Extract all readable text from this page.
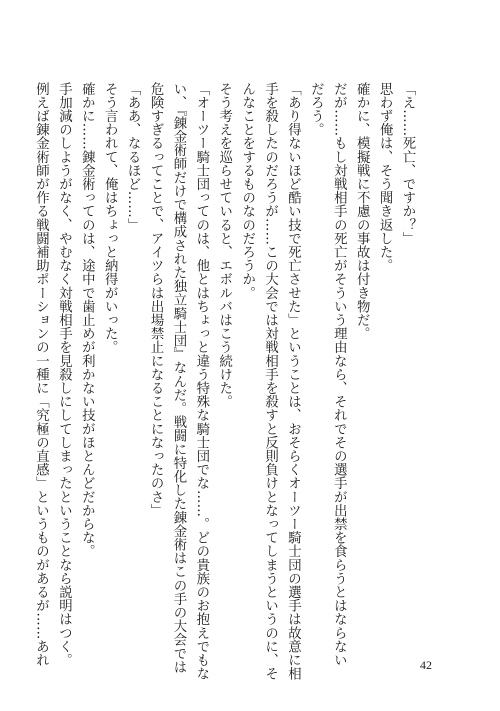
「え……死亡、ですか？」
思わず俺は、そう聞き返した。
確かに、模擬戦に不慮の事故は付き物だ。
だが……もし対戦相手の死亡がそういう理由なら、それでその選手が出禁を食らうとはならない
だろう。
「あり得ないほど酷い技で死亡させた」ということは、おそらくオーツー騎士団の選手は故意に相
手を殺したのだろうが……この大会では対戦相手を殺すと反則負けとなってしまうというのに、そ
んなことをするものなのだろうか。
そう考えを巡らせていると、エボルバはこう続けた。
「オーツー騎士団ってのは、他とはちょっと違う特殊な騎士団でな……。どの貴族のお抱えでもな
い、『錬金術師だけで構成された独立騎士団』なんだ。戦闘に特化した錬金術はこの手の大会では
危険すぎるってことで、アイツらは出場禁止になることになったのさ」
「ああ、なるほど……」
そう言われて、俺はちょっと納得がいった。
確かに……錬金術ってのは、途中で歯止めが利かない技がほとんどだからな。
手加減のしようがなく、やむなく対戦相手を見殺しにしてしまったということなら説明はつく。
例えば錬金術師が作る戦闘補助ポーションの一種に「究極の直感」というものがあるが……あれ	42
